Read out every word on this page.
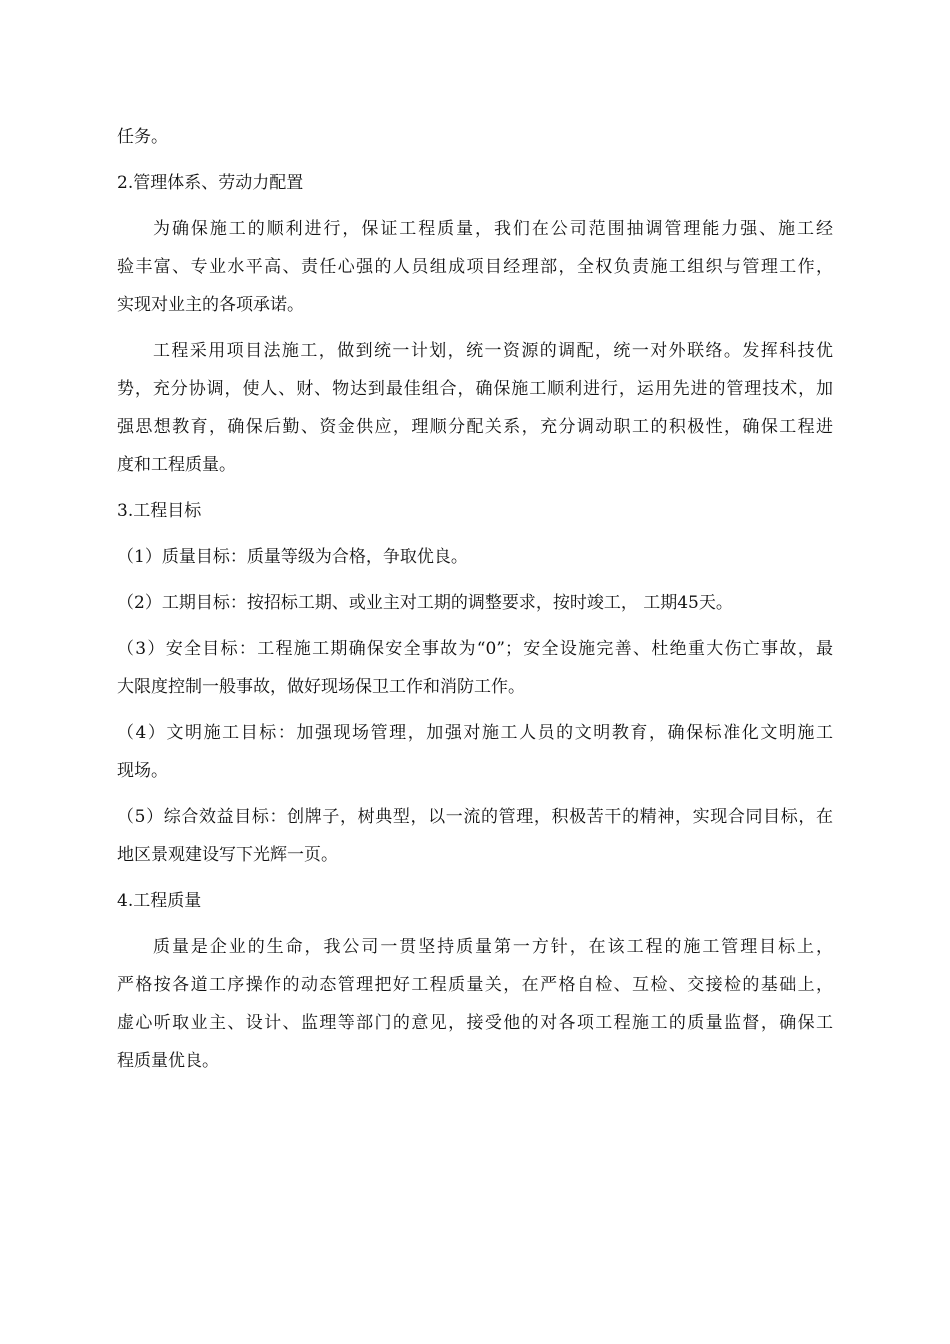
任务。
2.管理体系、劳动力配置
为确保施工的顺利进行，保证工程质量，我们在公司范围抽调管理能力强、施工经
验丰富、专业水平高、责任心强的人员组成项目经理部，全权负责施工组织与管理工作，
实现对业主的各项承诺。
工程采用项目法施工，做到统一计划，统一资源的调配，统一对外联络。发挥科技优
势，充分协调，使人、财、物达到最佳组合，确保施工顺利进行，运用先进的管理技术，加
强思想教育，确保后勤、资金供应，理顺分配关系，充分调动职工的积极性，确保工程进
度和工程质量。
3.工程目标
（1）质量目标：质量等级为合格，争取优良。
（2）工期目标：按招标工期、或业主对工期的调整要求，按时竣工， 工期45天。
（3）安全目标：工程施工期确保安全事故为“0”；安全设施完善、杜绝重大伤亡事故，最
大限度控制一般事故，做好现场保卫工作和消防工作。
（4）文明施工目标：加强现场管理，加强对施工人员的文明教育，确保标准化文明施工
现场。
（5）综合效益目标：创牌子，树典型，以一流的管理，积极苦干的精神，实现合同目标，在
地区景观建设写下光辉一页。
4.工程质量
质量是企业的生命，我公司一贯坚持质量第一方针，在该工程的施工管理目标上，
严格按各道工序操作的动态管理把好工程质量关，在严格自检、互检、交接检的基础上，
虚心听取业主、设计、监理等部门的意见，接受他的对各项工程施工的质量监督，确保工
程质量优良。
